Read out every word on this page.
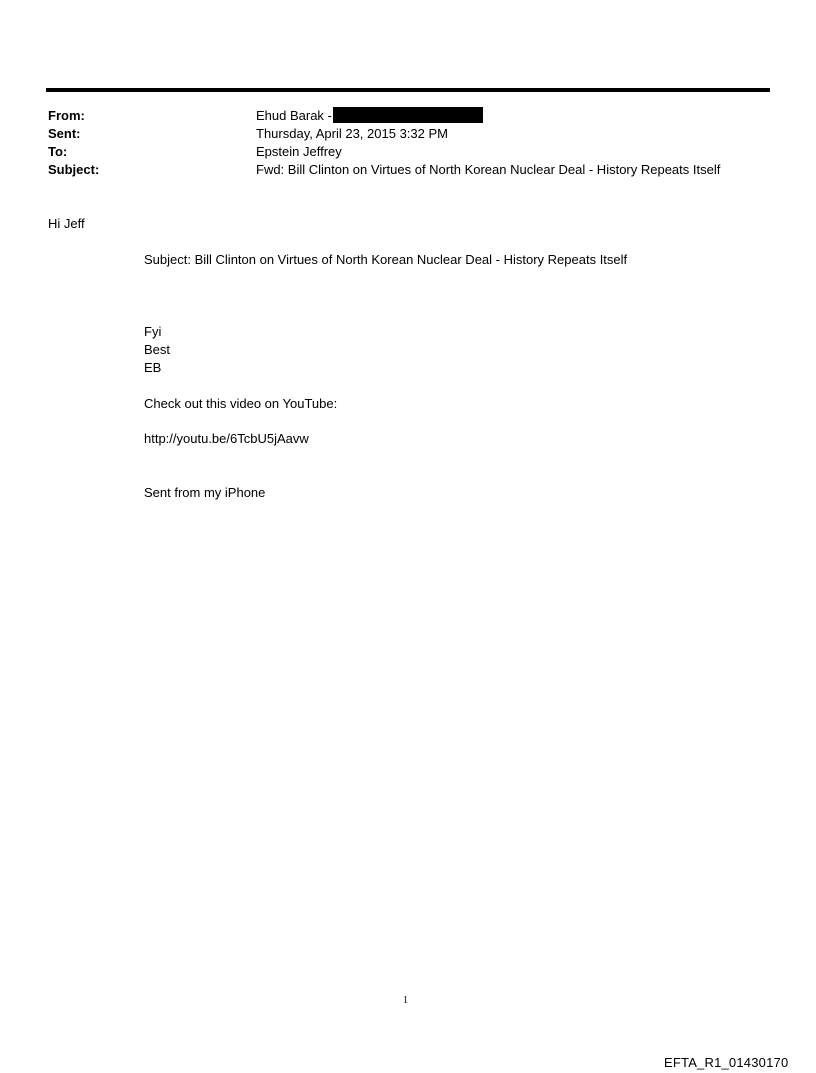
From:	Ehud Barak -
Sent:	Thursday, April 23, 2015 3:32 PM
To:	Epstein Jeffrey
Subject:	Fwd: Bill Clinton on Virtues of North Korean Nuclear Deal - History Repeats Itself
Hi Jeff
Subject: Bill Clinton on Virtues of North Korean Nuclear Deal - History Repeats Itself
Fyi
Best
EB
Check out this video on YouTube:
http://youtu.be/6TcbU5jAavw
Sent from my iPhone
1
EFTA_R1_01430170
